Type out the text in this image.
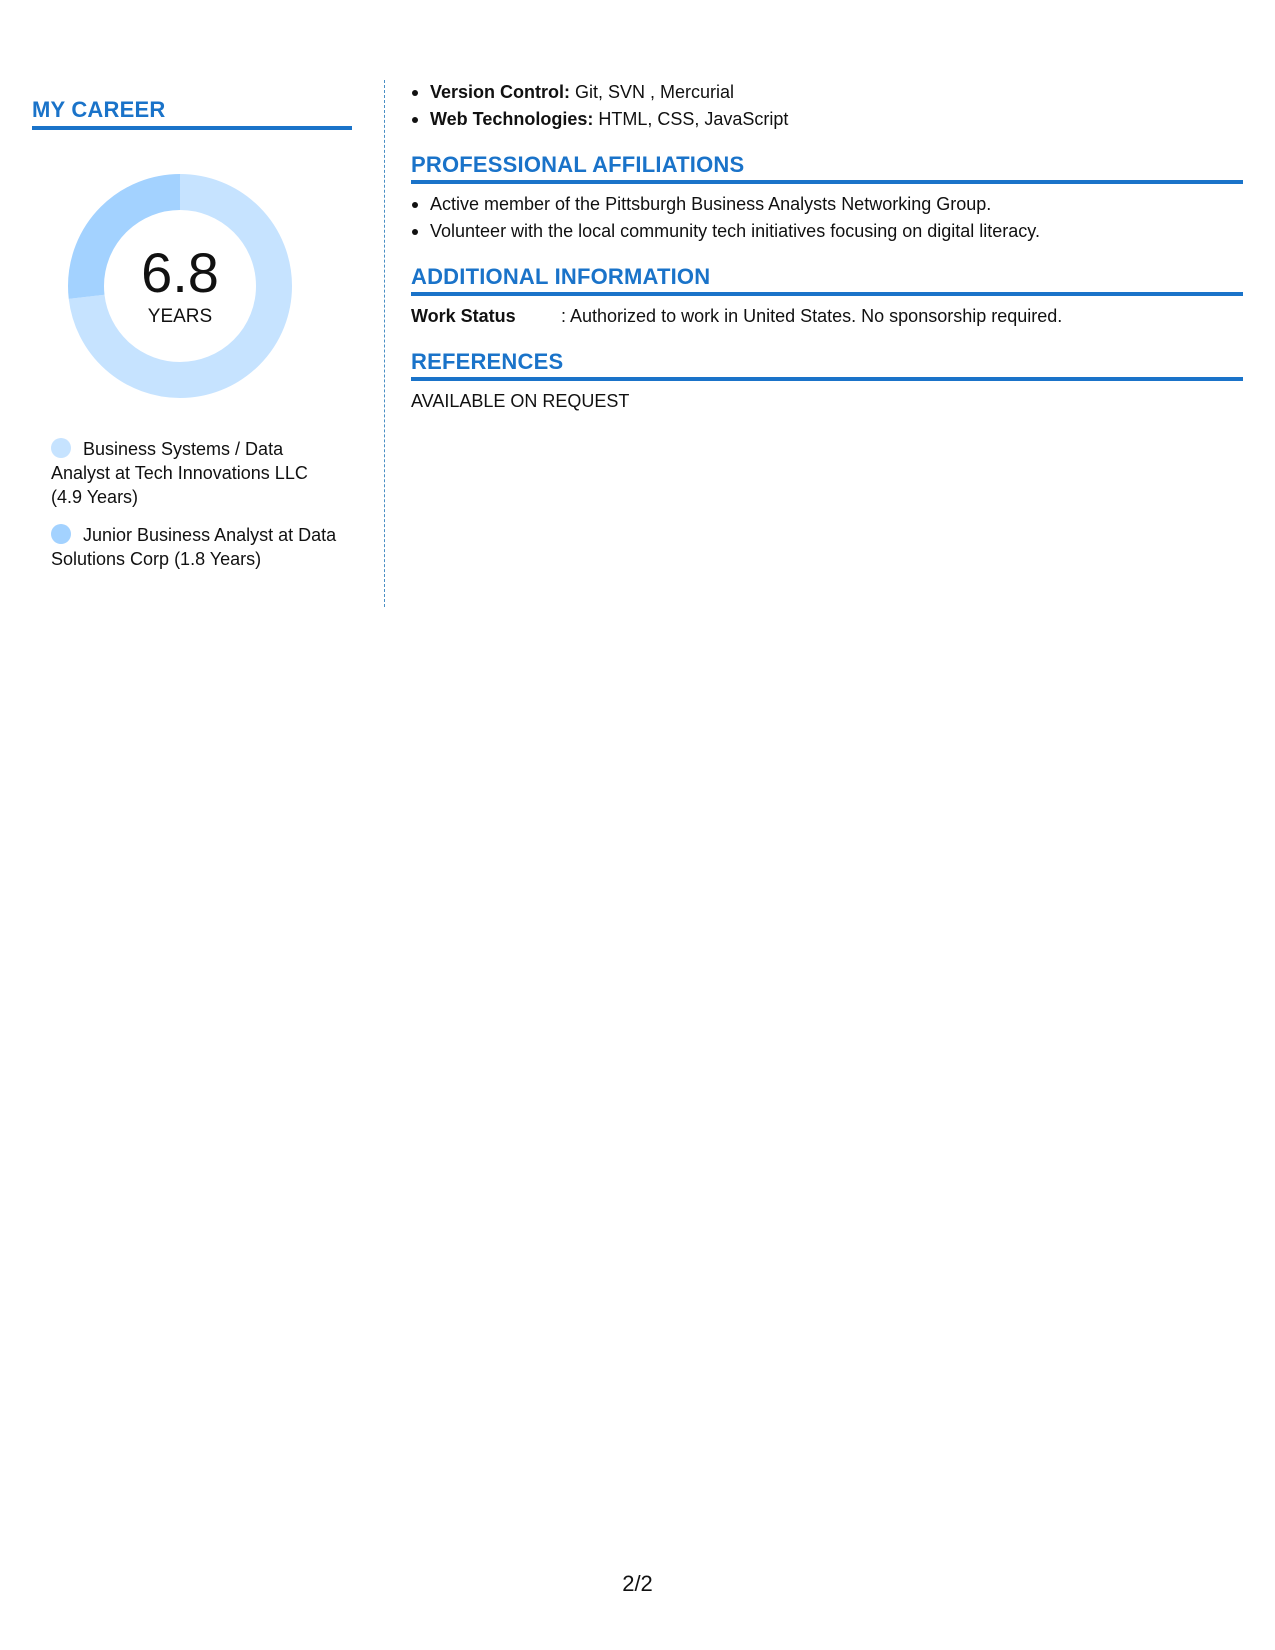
MY CAREER
6.8
YEARS
Business Systems / Data Analyst at Tech Innovations LLC (4.9 Years)
Junior Business Analyst at Data Solutions Corp (1.8 Years)
Version Control: Git, SVN , Mercurial
Web Technologies: HTML, CSS, JavaScript
PROFESSIONAL AFFILIATIONS
Active member of the Pittsburgh Business Analysts Networking Group.
Volunteer with the local community tech initiatives focusing on digital literacy.
ADDITIONAL INFORMATION
Work Status	: Authorized to work in United States. No sponsorship required.
REFERENCES
AVAILABLE ON REQUEST
2/2
